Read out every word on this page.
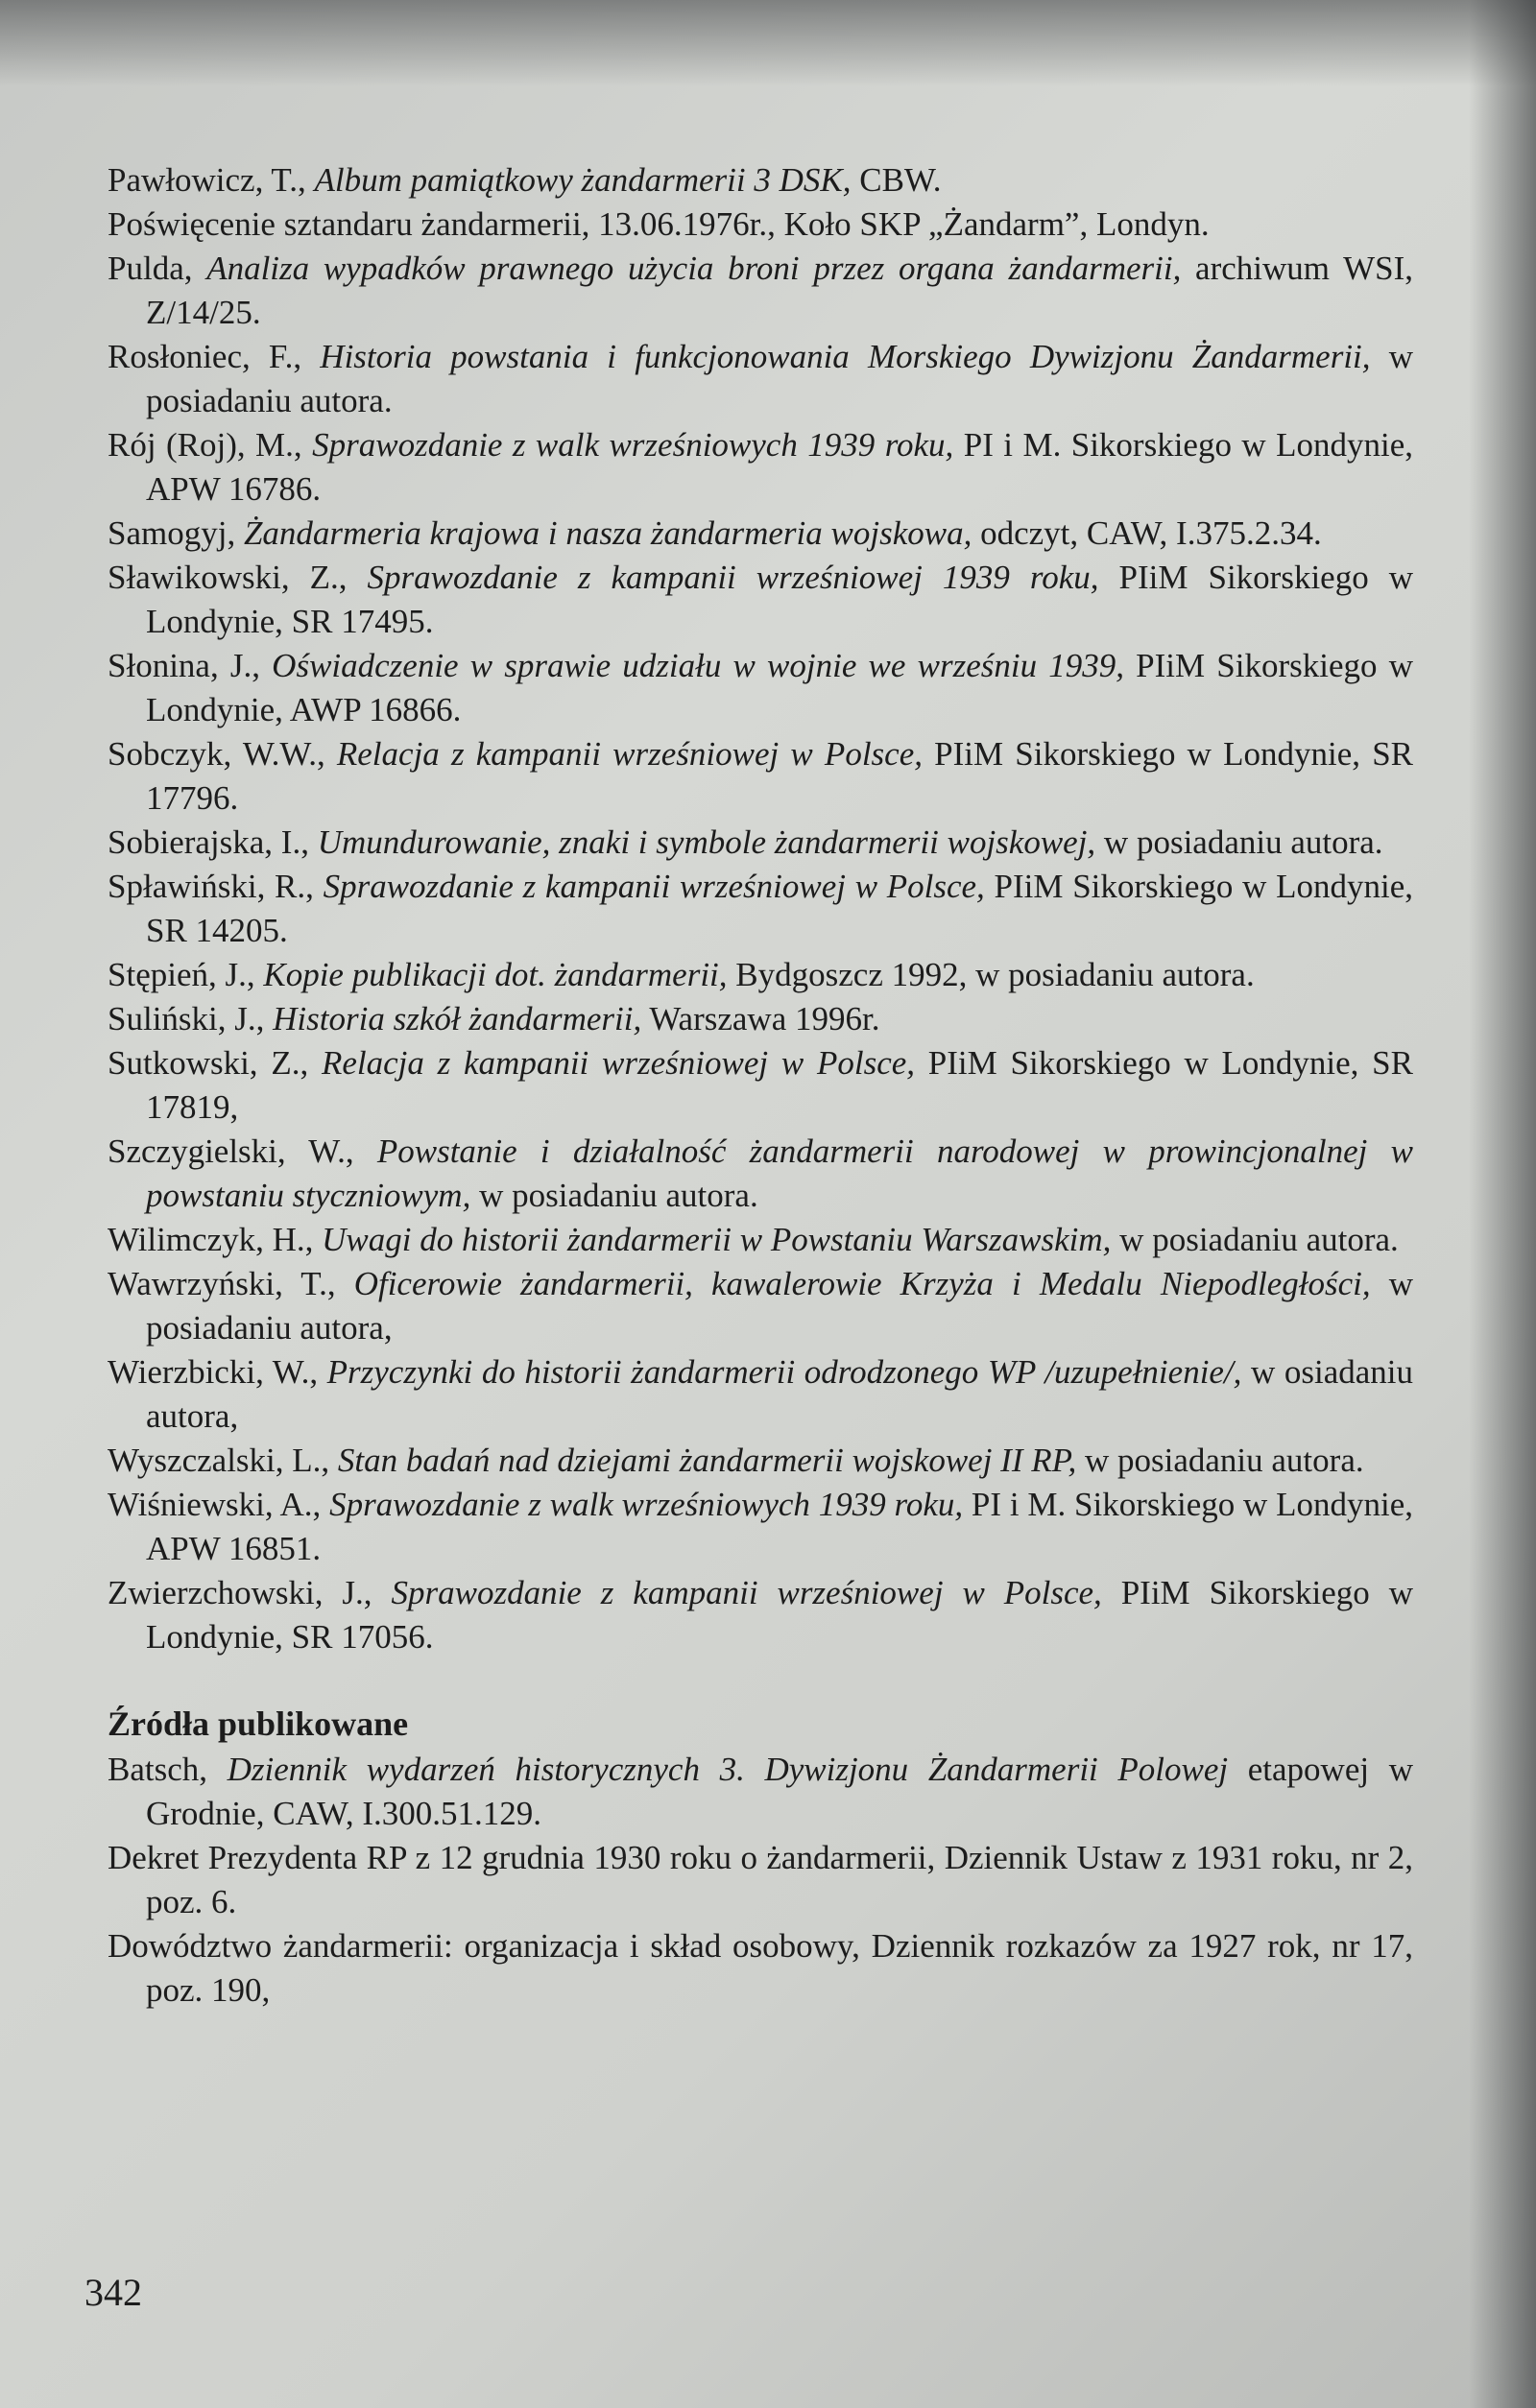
Pawłowicz, T., Album pamiątkowy żandarmerii 3 DSK, CBW.
Poświęcenie sztandaru żandarmerii, 13.06.1976r., Koło SKP „Żandarm”, Londyn.
Pulda, Analiza wypadków prawnego użycia broni przez organa żandarmerii, archiwum WSI, Z/14/25.
Rosłoniec, F., Historia powstania i funkcjonowania Morskiego Dywizjonu Żandarmerii, w posiadaniu autora.
Rój (Roj), M., Sprawozdanie z walk wrześniowych 1939 roku, PI i M. Sikorskiego w Londynie, APW 16786.
Samogyj, Żandarmeria krajowa i nasza żandarmeria wojskowa, odczyt, CAW, I.375.2.34.
Sławikowski, Z., Sprawozdanie z kampanii wrześniowej 1939 roku, PIiM Sikorskiego w Londynie, SR 17495.
Słonina, J., Oświadczenie w sprawie udziału w wojnie we wrześniu 1939, PIiM Sikorskiego w Londynie, AWP 16866.
Sobczyk, W.W., Relacja z kampanii wrześniowej w Polsce, PIiM Sikorskiego w Londynie, SR 17796.
Sobierajska, I., Umundurowanie, znaki i symbole żandarmerii wojskowej, w posiadaniu autora.
Spławiński, R., Sprawozdanie z kampanii wrześniowej w Polsce, PIiM Sikorskiego w Londynie, SR 14205.
Stępień, J., Kopie publikacji dot. żandarmerii, Bydgoszcz 1992, w posiadaniu autora.
Suliński, J., Historia szkół żandarmerii, Warszawa 1996r.
Sutkowski, Z., Relacja z kampanii wrześniowej w Polsce, PIiM Sikorskiego w Londynie, SR 17819,
Szczygielski, W., Powstanie i działalność żandarmerii narodowej w prowincjonalnej w powstaniu styczniowym, w posiadaniu autora.
Wilimczyk, H., Uwagi do historii żandarmerii w Powstaniu Warszawskim, w posiadaniu autora.
Wawrzyński, T., Oficerowie żandarmerii, kawalerowie Krzyża i Medalu Niepodległości, w posiadaniu autora,
Wierzbicki, W., Przyczynki do historii żandarmerii odrodzonego WP /uzupełnienie/, w osiadaniu autora,
Wyszczalski, L., Stan badań nad dziejami żandarmerii wojskowej II RP, w posiadaniu autora.
Wiśniewski, A., Sprawozdanie z walk wrześniowych 1939 roku, PI i M. Sikorskiego w Londynie, APW 16851.
Zwierzchowski, J., Sprawozdanie z kampanii wrześniowej w Polsce, PIiM Sikorskiego w Londynie, SR 17056.
Źródła publikowane
Batsch, Dziennik wydarzeń historycznych 3. Dywizjonu Żandarmerii Polowej etapowej w Grodnie, CAW, I.300.51.129.
Dekret Prezydenta RP z 12 grudnia 1930 roku o żandarmerii, Dziennik Ustaw z 1931 roku, nr 2, poz. 6.
Dowództwo żandarmerii: organizacja i skład osobowy, Dziennik rozkazów za 1927 rok, nr 17, poz. 190,
342
